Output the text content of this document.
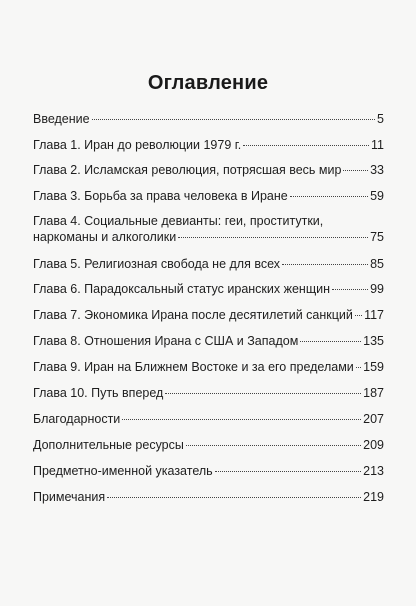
Оглавление
Введение	5
Глава 1. Иран до революции 1979 г.	11
Глава 2. Исламская революция, потрясшая весь мир 33
Глава 3. Борьба за права человека в Иране	59
Глава 4. Социальные девианты: геи, проститутки,
наркоманы и алкоголики	75
Глава 5. Религиозная свобода не для всех	85
Глава 6. Парадоксальный статус иранских женщин	99
Глава 7. Экономика Ирана после десятилетий санкций 117
Глава 8. Отношения Ирана с США и Западом	135
Глава 9. Иран на Ближнем Востоке и за его пределами 159
Глава 10. Путь вперед	187
Благодарности	207
Дополнительные ресурсы	209
Предметно-именной указатель	213
Примечания	219
